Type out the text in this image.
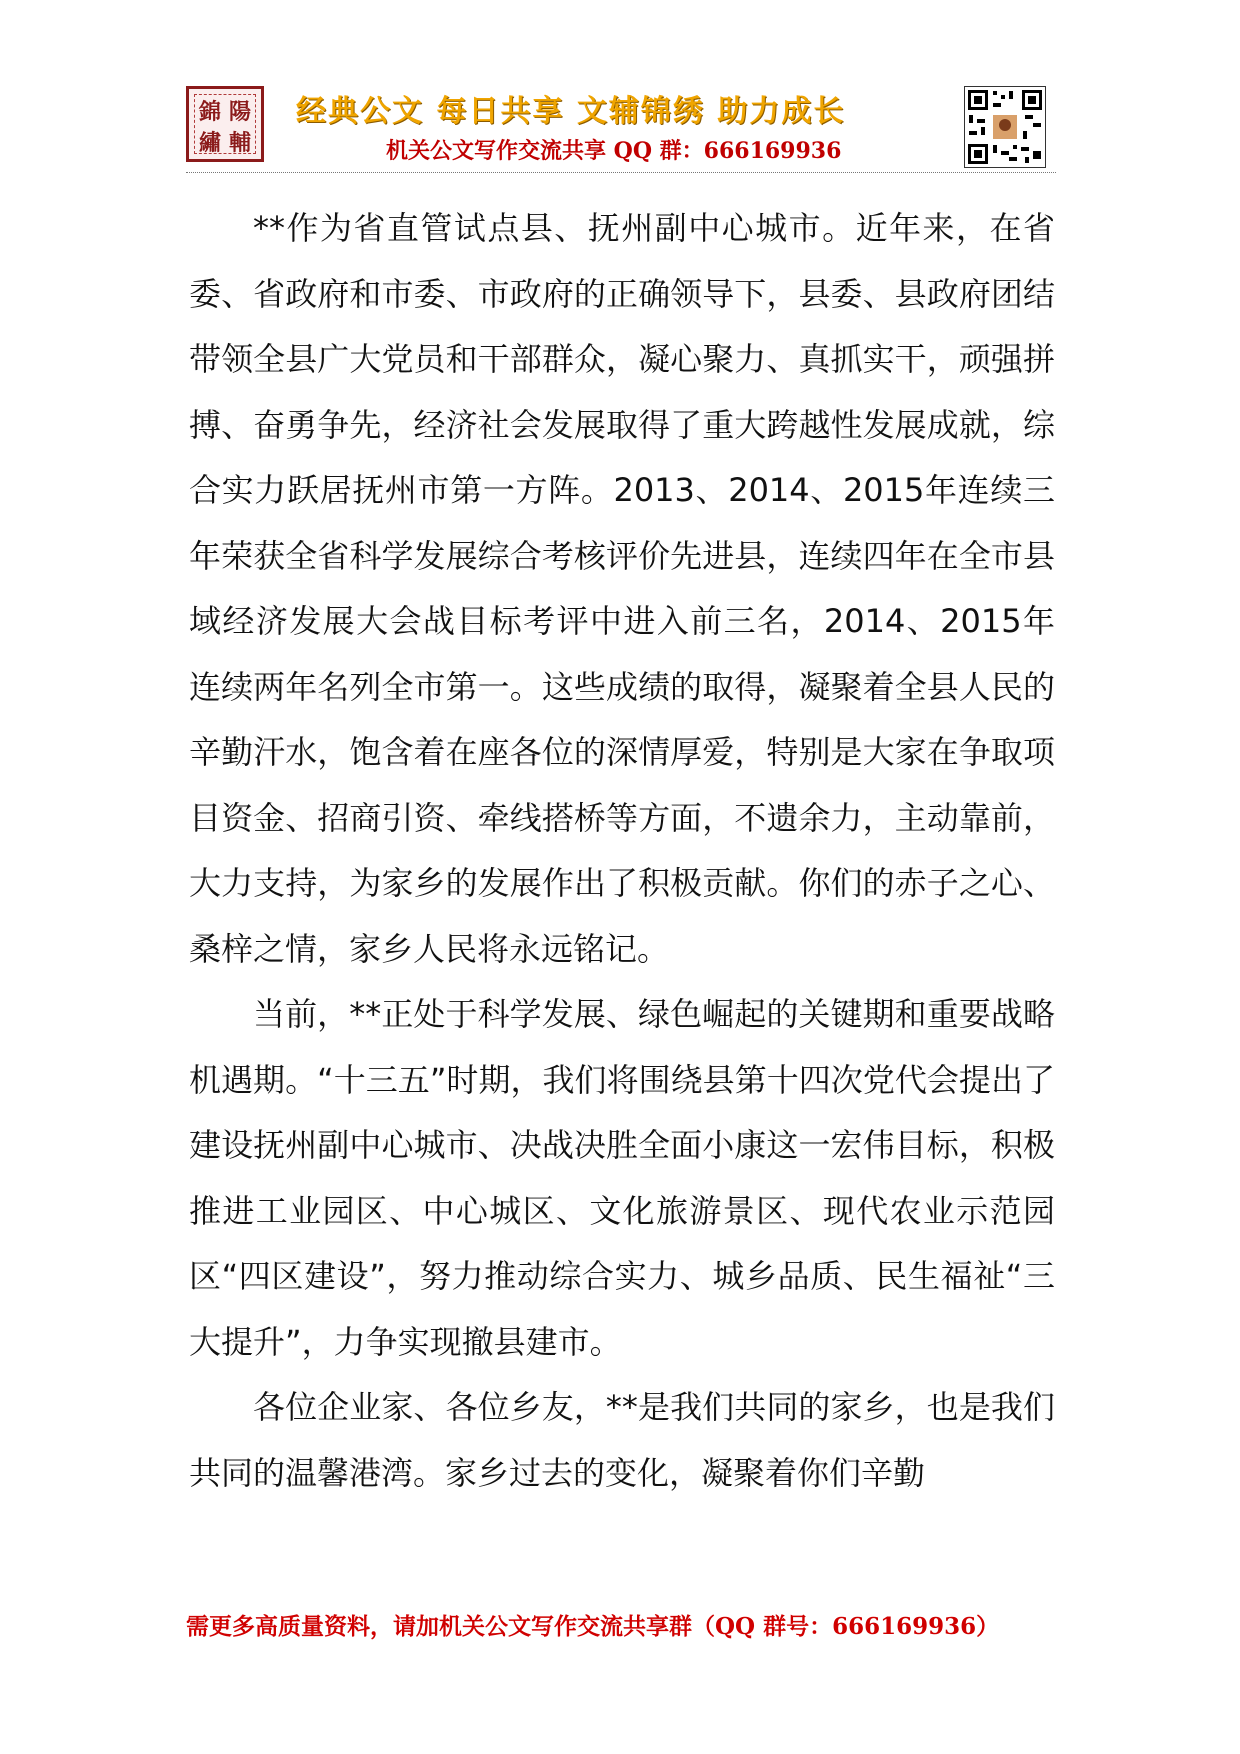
錦 陽
繡 輔
经典公文 每日共享 文辅锦绣 助力成长
机关公文写作交流共享 QQ 群：666169936

**作为省直管试点县、抚州副中心城市。近年来，在省委、省政府和市委、市政府的正确领导下，县委、县政府团结带领全县广大党员和干部群众，凝心聚力、真抓实干，顽强拼搏、奋勇争先，经济社会发展取得了重大跨越性发展成就，综合实力跃居抚州市第一方阵。2013、2014、2015年连续三年荣获全省科学发展综合考核评价先进县，连续四年在全市县域经济发展大会战目标考评中进入前三名，2014、2015年连续两年名列全市第一。这些成绩的取得，凝聚着全县人民的辛勤汗水，饱含着在座各位的深情厚爱，特别是大家在争取项目资金、招商引资、牵线搭桥等方面，不遗余力，主动靠前，大力支持，为家乡的发展作出了积极贡献。你们的赤子之心、桑梓之情，家乡人民将永远铭记。

当前，**正处于科学发展、绿色崛起的关键期和重要战略机遇期。“十三五”时期，我们将围绕县第十四次党代会提出了建设抚州副中心城市、决战决胜全面小康这一宏伟目标，积极推进工业园区、中心城区、文化旅游景区、现代农业示范园区“四区建设”，努力推动综合实力、城乡品质、民生福祉“三大提升”，力争实现撤县建市。

各位企业家、各位乡友，**是我们共同的家乡，也是我们共同的温馨港湾。家乡过去的变化，凝聚着你们辛勤

需更多高质量资料，请加机关公文写作交流共享群（QQ 群号：666169936）
